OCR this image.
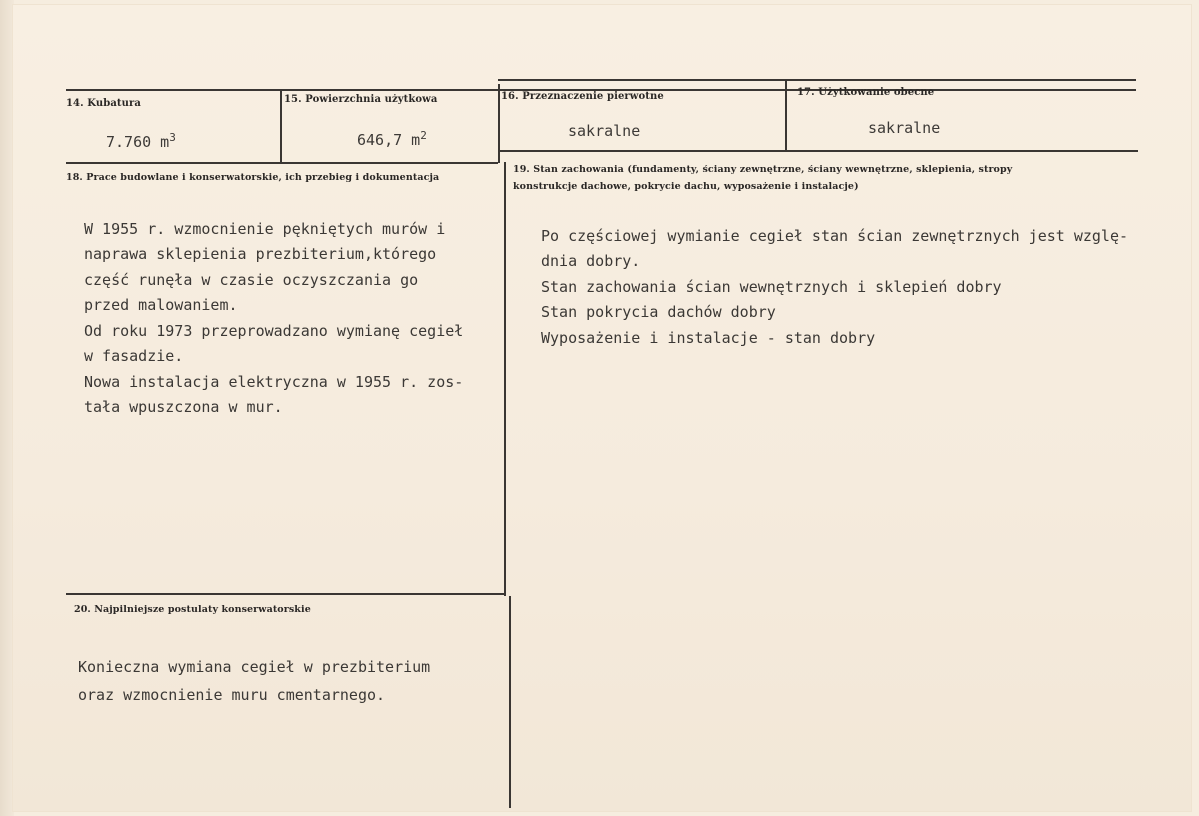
14. Kubatura
7.760 $m^3$
15. Powierzchnia użytkowa
646,7 $m^2$
16. Przeznaczenie pierwotne
sakralne
17. Użytkowanie obecne
sakralne
18. Prace budowlane i konserwatorskie, ich przebieg i dokumentacja

W 1955 r. wzmocnienie pękniętych murów i
naprawa sklepienia prezbiterium,którego
część runęła w czasie oczyszczania go
przed malowaniem.
Od roku 1973 przeprowadzano wymianę cegieł
w fasadzie.
Nowa instalacja elektryczna w 1955 r. zos-
tała wpuszczona w mur.

19. Stan zachowania (fundamenty, ściany zewnętrzne, ściany wewnętrzne, sklepienia, stropy
konstrukcje dachowe, pokrycie dachu, wyposażenie i instalacje)

Po częściowej wymianie cegieł stan ścian zewnętrznych jest wzglę-
dnia dobry.
Stan zachowania ścian wewnętrznych i sklepień dobry
Stan pokrycia dachów dobry
Wyposażenie i instalacje - stan dobry

20. Najpilniejsze postulaty konserwatorskie

Konieczna wymiana cegieł w prezbiterium
oraz wzmocnienie muru cmentarnego.
